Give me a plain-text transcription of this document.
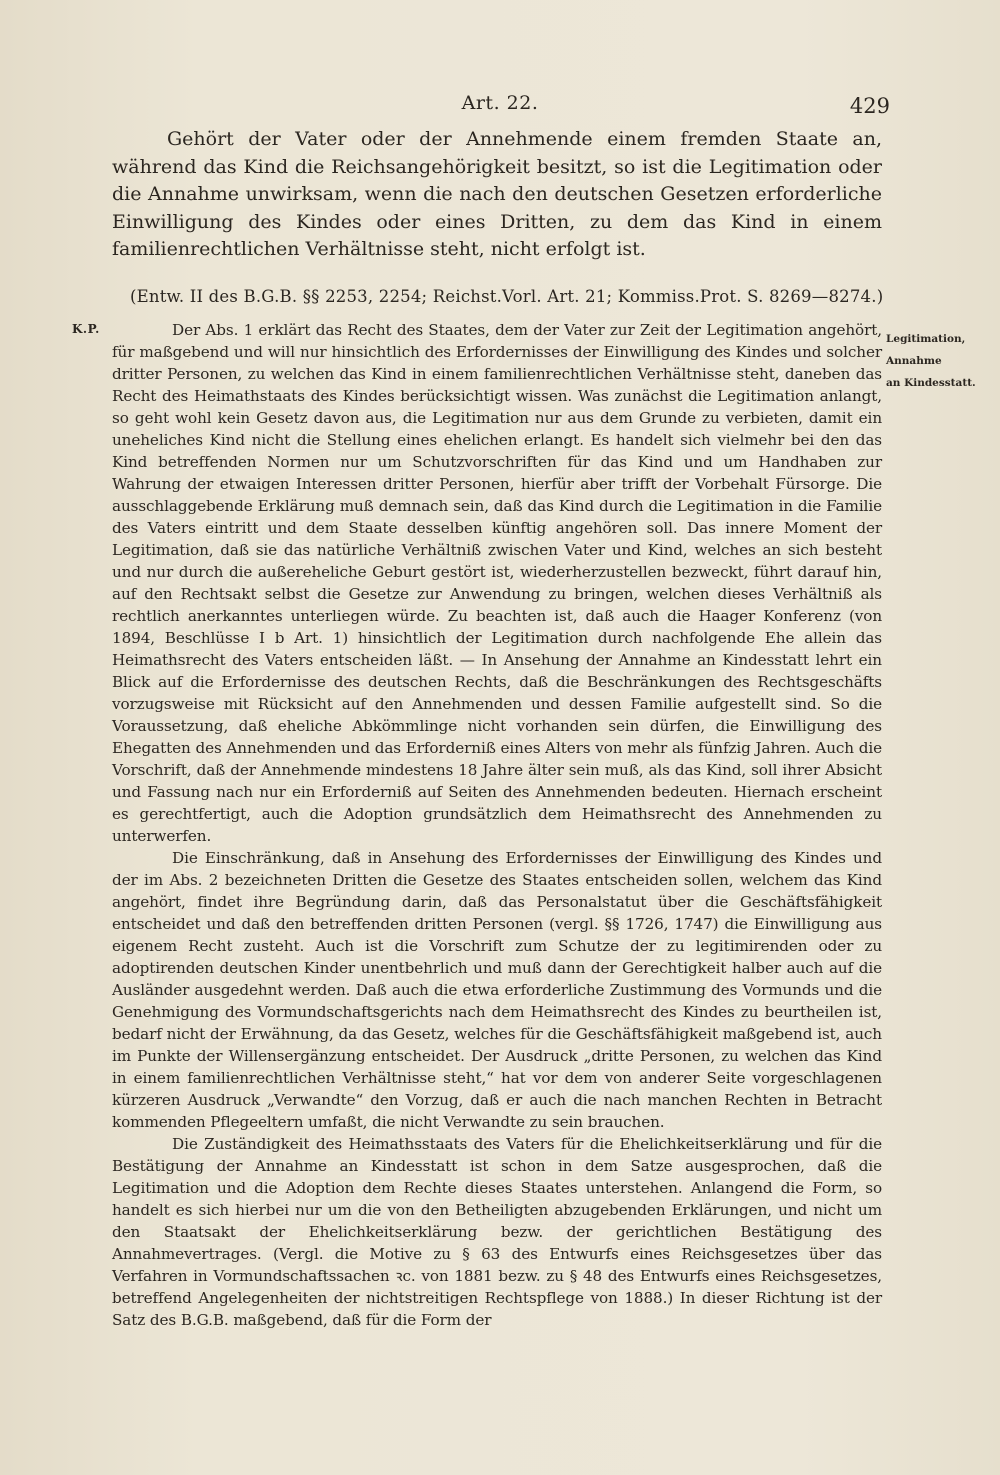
Art. 22.	429
Gehört der Vater oder der Annehmende einem fremden Staate an, während das Kind die Reichsangehörigkeit besitzt, so ist die Legitimation oder die Annahme unwirksam, wenn die nach den deutschen Gesetzen erforderliche Einwilligung des Kindes oder eines Dritten, zu dem das Kind in einem familienrechtlichen Verhältnisse steht, nicht erfolgt ist.
(Entw. II des B.G.B. §§ 2253, 2254; Reichst.Vorl. Art. 21; Kommiss.Prot. S. 8269—8274.)
K.P.
Legitimation,
Annahme
an Kindesstatt.

Der Abs. 1 erklärt das Recht des Staates, dem der Vater zur Zeit der Legitimation angehört, für maßgebend und will nur hinsichtlich des Erfordernisses der Einwilligung des Kindes und solcher dritter Personen, zu welchen das Kind in einem familienrechtlichen Verhältnisse steht, daneben das Recht des Heimathstaats des Kindes berücksichtigt wissen. Was zunächst die Legitimation anlangt, so geht wohl kein Gesetz davon aus, die Legitimation nur aus dem Grunde zu verbieten, damit ein uneheliches Kind nicht die Stellung eines ehelichen erlangt. Es handelt sich vielmehr bei den das Kind betreffenden Normen nur um Schutzvorschriften für das Kind und um Handhaben zur Wahrung der etwaigen Interessen dritter Personen, hierfür aber trifft der Vorbehalt Fürsorge. Die ausschlaggebende Erklärung muß demnach sein, daß das Kind durch die Legitimation in die Familie des Vaters eintritt und dem Staate desselben künftig angehören soll. Das innere Moment der Legitimation, daß sie das natürliche Verhältniß zwischen Vater und Kind, welches an sich besteht und nur durch die außereheliche Geburt gestört ist, wiederherzustellen bezweckt, führt darauf hin, auf den Rechtsakt selbst die Gesetze zur Anwendung zu bringen, welchen dieses Verhältniß als rechtlich anerkanntes unterliegen würde. Zu beachten ist, daß auch die Haager Konferenz (von 1894, Beschlüsse I b Art. 1) hinsichtlich der Legitimation durch nachfolgende Ehe allein das Heimathsrecht des Vaters entscheiden läßt. — In Ansehung der Annahme an Kindesstatt lehrt ein Blick auf die Erfordernisse des deutschen Rechts, daß die Beschränkungen des Rechtsgeschäfts vorzugsweise mit Rücksicht auf den Annehmenden und dessen Familie aufgestellt sind. So die Voraussetzung, daß eheliche Abkömmlinge nicht vorhanden sein dürfen, die Einwilligung des Ehegatten des Annehmenden und das Erforderniß eines Alters von mehr als fünfzig Jahren. Auch die Vorschrift, daß der Annehmende mindestens 18 Jahre älter sein muß, als das Kind, soll ihrer Absicht und Fassung nach nur ein Erforderniß auf Seiten des Annehmenden bedeuten. Hiernach erscheint es gerechtfertigt, auch die Adoption grundsätzlich dem Heimathsrecht des Annehmenden zu unterwerfen.

Die Einschränkung, daß in Ansehung des Erfordernisses der Einwilligung des Kindes und der im Abs. 2 bezeichneten Dritten die Gesetze des Staates entscheiden sollen, welchem das Kind angehört, findet ihre Begründung darin, daß das Personalstatut über die Geschäftsfähigkeit entscheidet und daß den betreffenden dritten Personen (vergl. §§ 1726, 1747) die Einwilligung aus eigenem Recht zusteht. Auch ist die Vorschrift zum Schutze der zu legitimirenden oder zu adoptirenden deutschen Kinder unentbehrlich und muß dann der Gerechtigkeit halber auch auf die Ausländer ausgedehnt werden. Daß auch die etwa erforderliche Zustimmung des Vormunds und die Genehmigung des Vormundschaftsgerichts nach dem Heimathsrecht des Kindes zu beurtheilen ist, bedarf nicht der Erwähnung, da das Gesetz, welches für die Geschäftsfähigkeit maßgebend ist, auch im Punkte der Willensergänzung entscheidet. Der Ausdruck „dritte Personen, zu welchen das Kind in einem familienrechtlichen Verhältnisse steht,“ hat vor dem von anderer Seite vorgeschlagenen kürzeren Ausdruck „Verwandte“ den Vorzug, daß er auch die nach manchen Rechten in Betracht kommenden Pflegeeltern umfaßt, die nicht Verwandte zu sein brauchen.

Die Zuständigkeit des Heimathsstaats des Vaters für die Ehelichkeitserklärung und für die Bestätigung der Annahme an Kindesstatt ist schon in dem Satze ausgesprochen, daß die Legitimation und die Adoption dem Rechte dieses Staates unterstehen. Anlangend die Form, so handelt es sich hierbei nur um die von den Betheiligten abzugebenden Erklärungen, und nicht um den Staatsakt der Ehelichkeitserklärung bezw. der gerichtlichen Bestätigung des Annahmevertrages. (Vergl. die Motive zu § 63 des Entwurfs eines Reichsgesetzes über das Verfahren in Vormundschaftssachen ꝛc. von 1881 bezw. zu § 48 des Entwurfs eines Reichsgesetzes, betreffend Angelegenheiten der nichtstreitigen Rechtspflege von 1888.) In dieser Richtung ist der Satz des B.G.B. maßgebend, daß für die Form der
